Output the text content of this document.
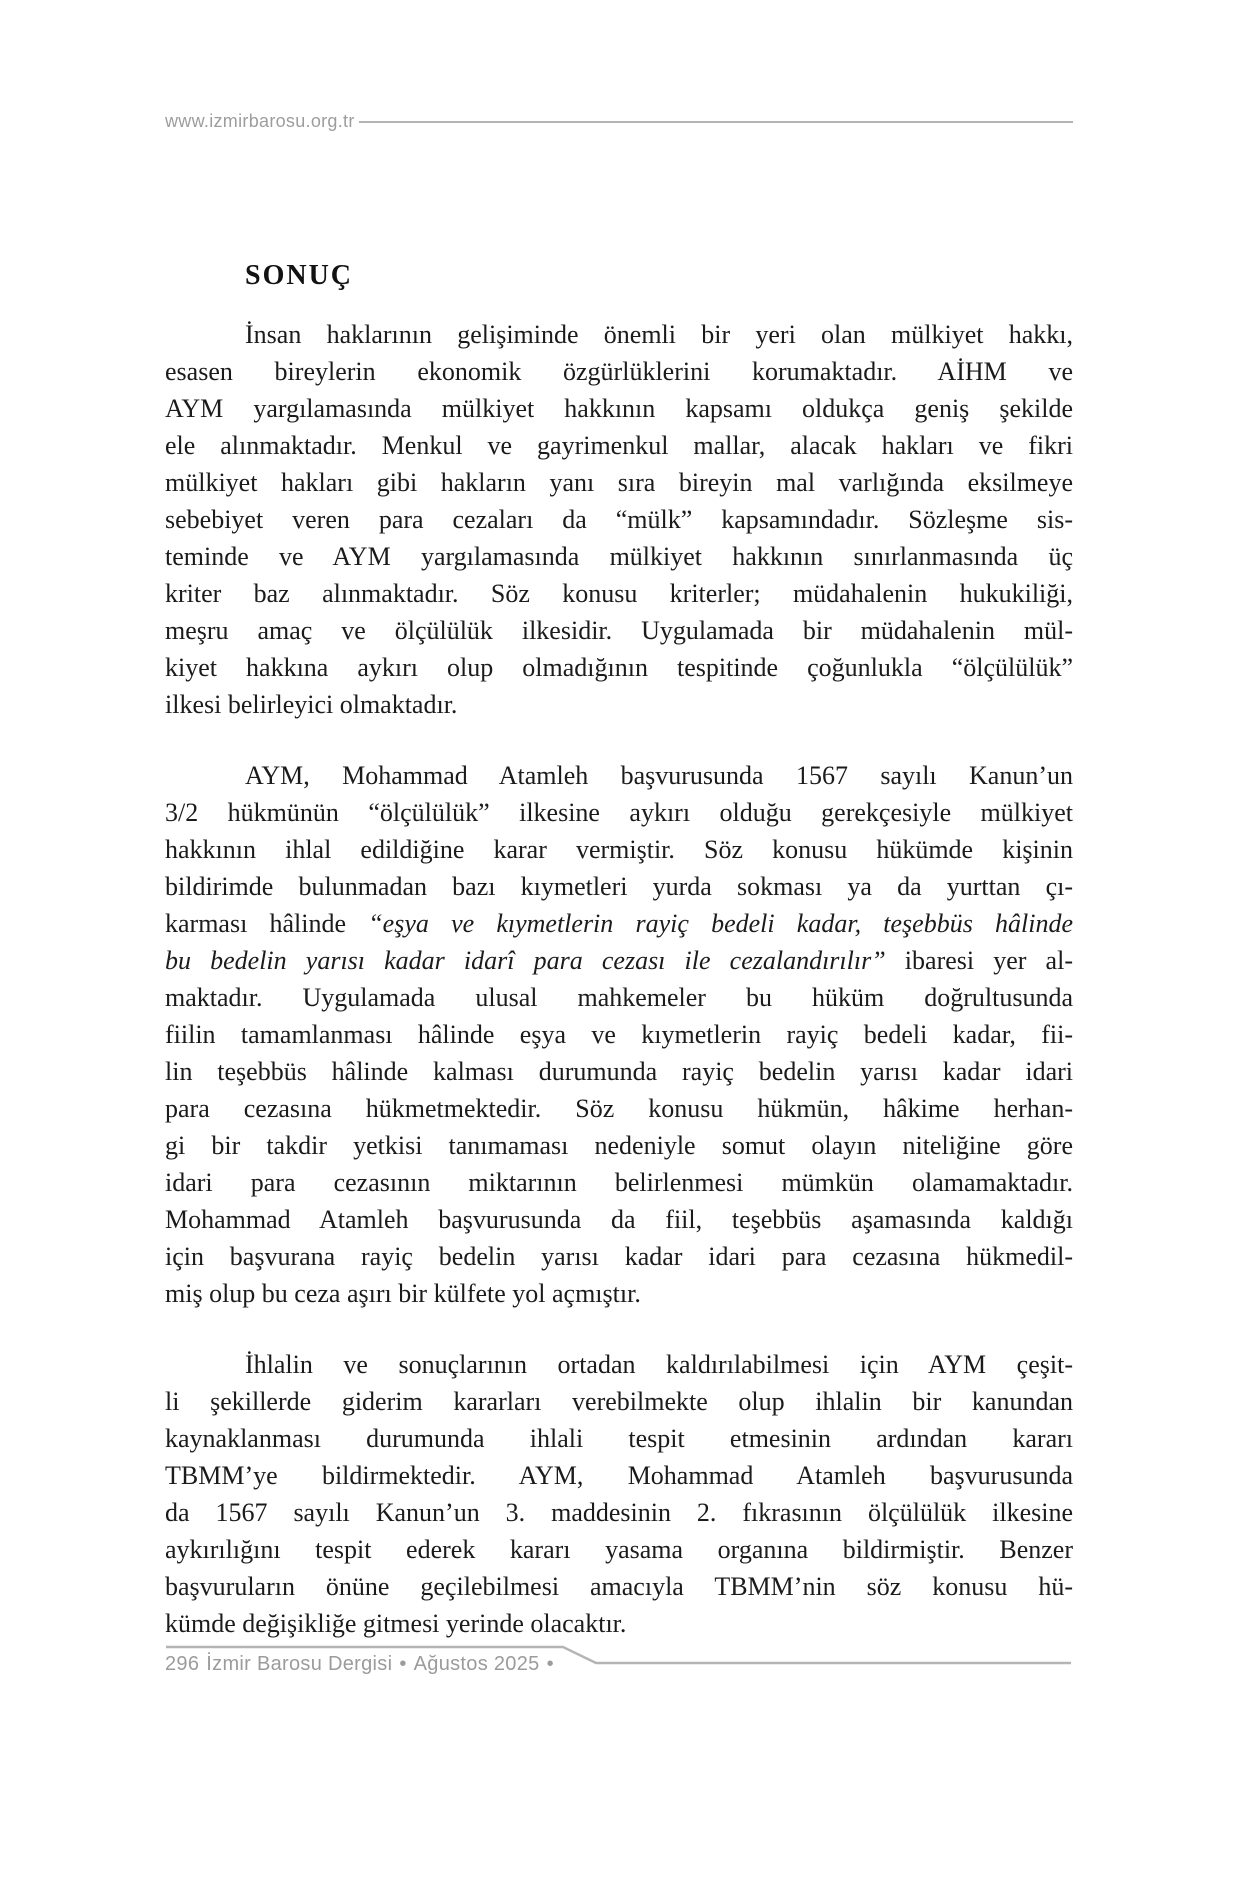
www.izmirbarosu.org.tr
SONUÇ
İnsan haklarının gelişiminde önemli bir yeri olan mülkiyet hakkı,
esasen bireylerin ekonomik özgürlüklerini korumaktadır. AİHM ve
AYM yargılamasında mülkiyet hakkının kapsamı oldukça geniş şekilde
ele alınmaktadır. Menkul ve gayrimenkul mallar, alacak hakları ve fikri
mülkiyet hakları gibi hakların yanı sıra bireyin mal varlığında eksilmeye
sebebiyet veren para cezaları da “mülk” kapsamındadır. Sözleşme sis-
teminde ve AYM yargılamasında mülkiyet hakkının sınırlanmasında üç
kriter baz alınmaktadır. Söz konusu kriterler; müdahalenin hukukiliği,
meşru amaç ve ölçülülük ilkesidir. Uygulamada bir müdahalenin mül-
kiyet hakkına aykırı olup olmadığının tespitinde çoğunlukla “ölçülülük”
ilkesi belirleyici olmaktadır.
AYM, Mohammad Atamleh başvurusunda 1567 sayılı Kanun’un
3/2 hükmünün “ölçülülük” ilkesine aykırı olduğu gerekçesiyle mülkiyet
hakkının ihlal edildiğine karar vermiştir. Söz konusu hükümde kişinin
bildirimde bulunmadan bazı kıymetleri yurda sokması ya da yurttan çı-
karması hâlinde “eşya ve kıymetlerin rayiç bedeli kadar, teşebbüs hâlinde
bu bedelin yarısı kadar idarî para cezası ile cezalandırılır” ibaresi yer al-
maktadır. Uygulamada ulusal mahkemeler bu hüküm doğrultusunda
fiilin tamamlanması hâlinde eşya ve kıymetlerin rayiç bedeli kadar, fii-
lin teşebbüs hâlinde kalması durumunda rayiç bedelin yarısı kadar idari
para cezasına hükmetmektedir. Söz konusu hükmün, hâkime herhan-
gi bir takdir yetkisi tanımaması nedeniyle somut olayın niteliğine göre
idari para cezasının miktarının belirlenmesi mümkün olamamaktadır.
Mohammad Atamleh başvurusunda da fiil, teşebbüs aşamasında kaldığı
için başvurana rayiç bedelin yarısı kadar idari para cezasına hükmedil-
miş olup bu ceza aşırı bir külfete yol açmıştır.
İhlalin ve sonuçlarının ortadan kaldırılabilmesi için AYM çeşit-
li şekillerde giderim kararları verebilmekte olup ihlalin bir kanundan
kaynaklanması durumunda ihlali tespit etmesinin ardından kararı
TBMM’ye bildirmektedir. AYM, Mohammad Atamleh başvurusunda
da 1567 sayılı Kanun’un 3. maddesinin 2. fıkrasının ölçülülük ilkesine
aykırılığını tespit ederek kararı yasama organına bildirmiştir. Benzer
başvuruların önüne geçilebilmesi amacıyla TBMM’nin söz konusu hü-
kümde değişikliğe gitmesi yerinde olacaktır.
296 İzmir Barosu Dergisi • Ağustos 2025 •
